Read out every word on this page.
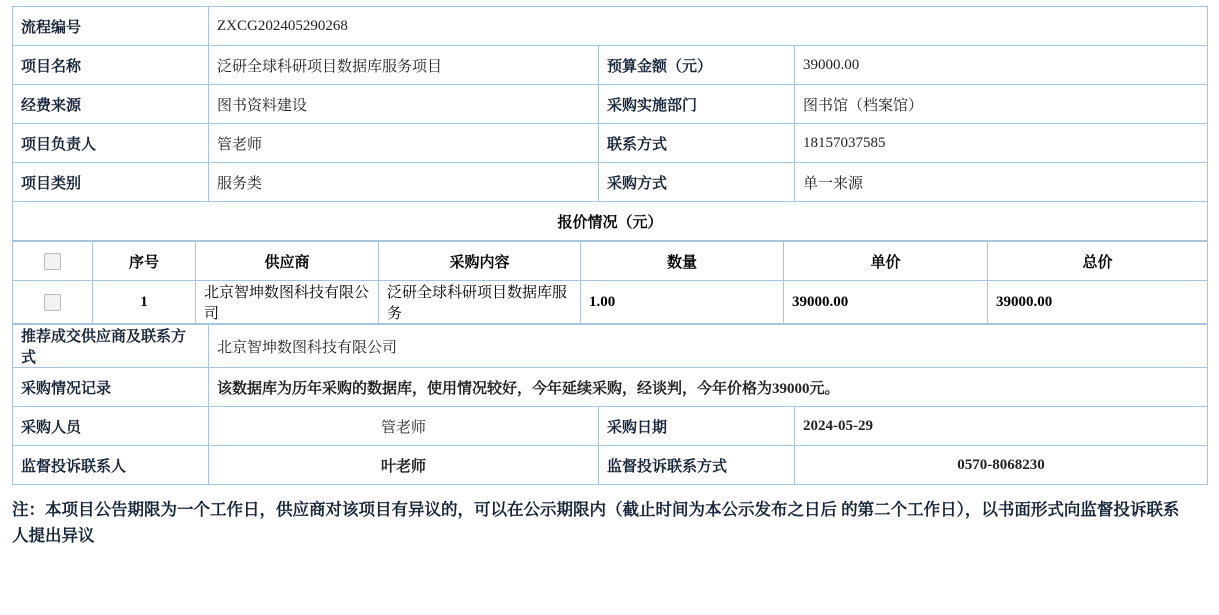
流程编号	ZXCG202405290268		
项目名称	泛研全球科研项目数据库服务项目	预算金额（元）	39000.00
经费来源	图书资料建设	采购实施部门	图书馆（档案馆）
项目负责人	管老师	联系方式	18157037585
项目类别	服务类	采购方式	单一来源
报价情况（元）			
	序号	供应商	采购内容	数量	单价	总价
	1	北京智坤数图科技有限公司	泛研全球科研项目数据库服务	1.00	39000.00	39000.00
推荐成交供应商及联系方式	北京智坤数图科技有限公司		
采购情况记录	该数据库为历年采购的数据库，使用情况较好，今年延续采购，经谈判，今年价格为39000元。		
采购人员	管老师	采购日期	2024-05-29
监督投诉联系人	叶老师	监督投诉联系方式	0570-8068230
注：本项目公告期限为一个工作日，供应商对该项目有异议的，可以在公示期限内（截止时间为本公示发布之日后 的第二个工作日），以书面形式向监督投诉联系人提出异议
